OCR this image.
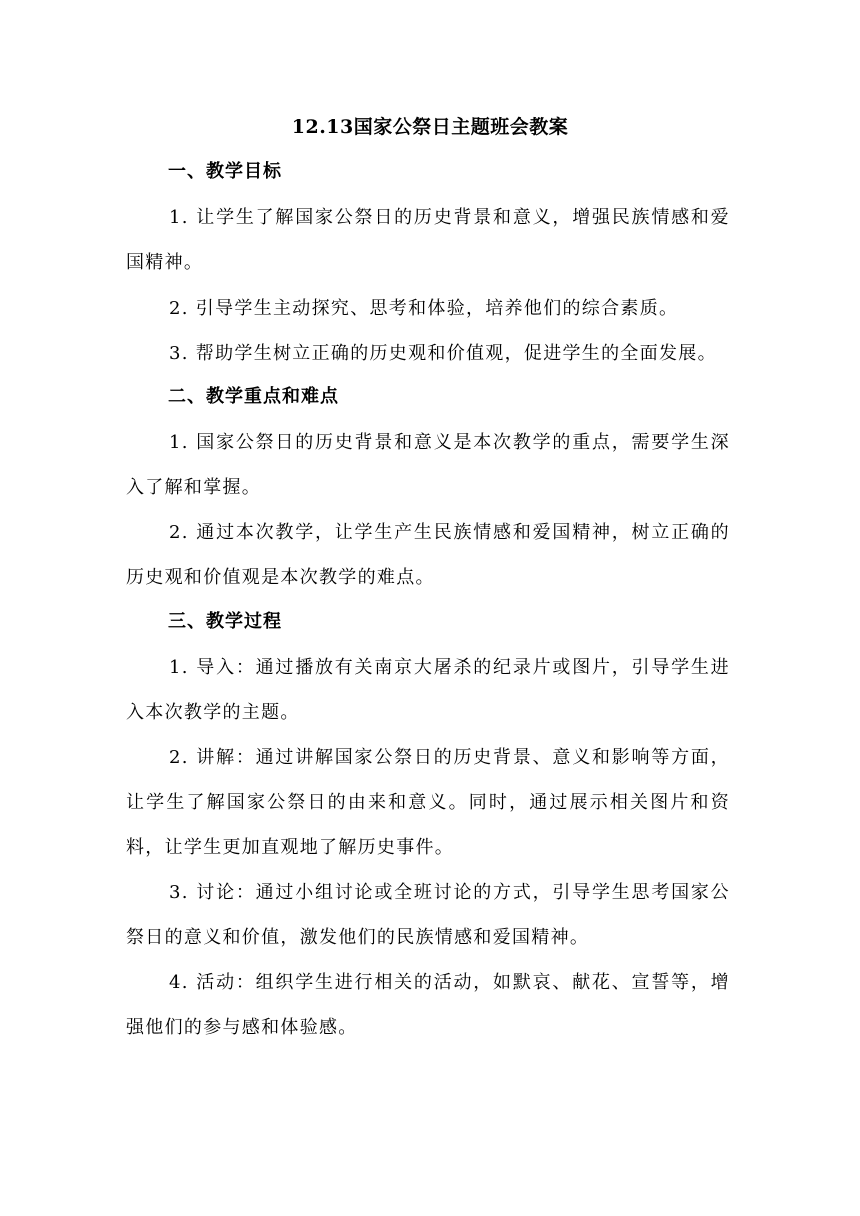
12.13国家公祭日主题班会教案
一、教学目标

1. 让学生了解国家公祭日的历史背景和意义，增强民族情感和爱国精神。

2. 引导学生主动探究、思考和体验，培养他们的综合素质。

3. 帮助学生树立正确的历史观和价值观，促进学生的全面发展。

二、教学重点和难点

1. 国家公祭日的历史背景和意义是本次教学的重点，需要学生深入了解和掌握。

2. 通过本次教学，让学生产生民族情感和爱国精神，树立正确的历史观和价值观是本次教学的难点。

三、教学过程

1. 导入：通过播放有关南京大屠杀的纪录片或图片，引导学生进入本次教学的主题。

2. 讲解：通过讲解国家公祭日的历史背景、意义和影响等方面，让学生了解国家公祭日的由来和意义。同时，通过展示相关图片和资料，让学生更加直观地了解历史事件。

3. 讨论：通过小组讨论或全班讨论的方式，引导学生思考国家公祭日的意义和价值，激发他们的民族情感和爱国精神。

4. 活动：组织学生进行相关的活动，如默哀、献花、宣誓等，增强他们的参与感和体验感。
